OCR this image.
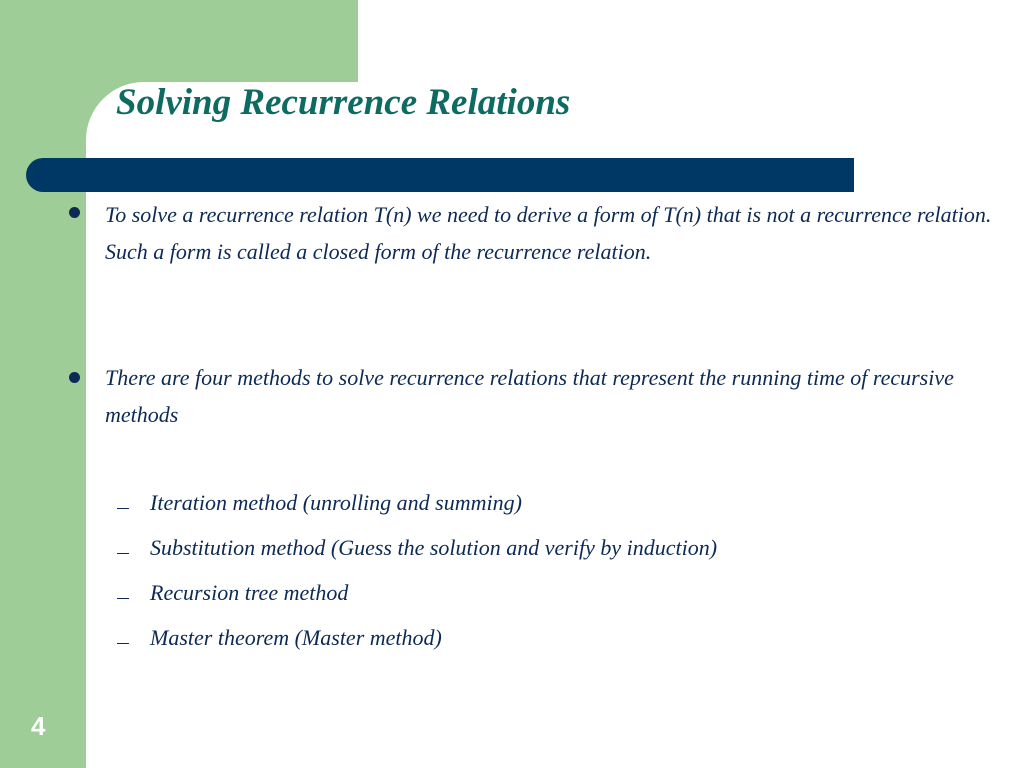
Solving Recurrence Relations

To solve a recurrence relation T(n) we need to derive a form of T(n) that is not a recurrence relation. Such a form is called a closed form of the recurrence relation.

There are four methods to solve recurrence relations that represent the running time of recursive methods

Iteration method (unrolling and summing)

Substitution method (Guess the solution and verify by induction)

Recursion tree method

Master theorem (Master method)

4
